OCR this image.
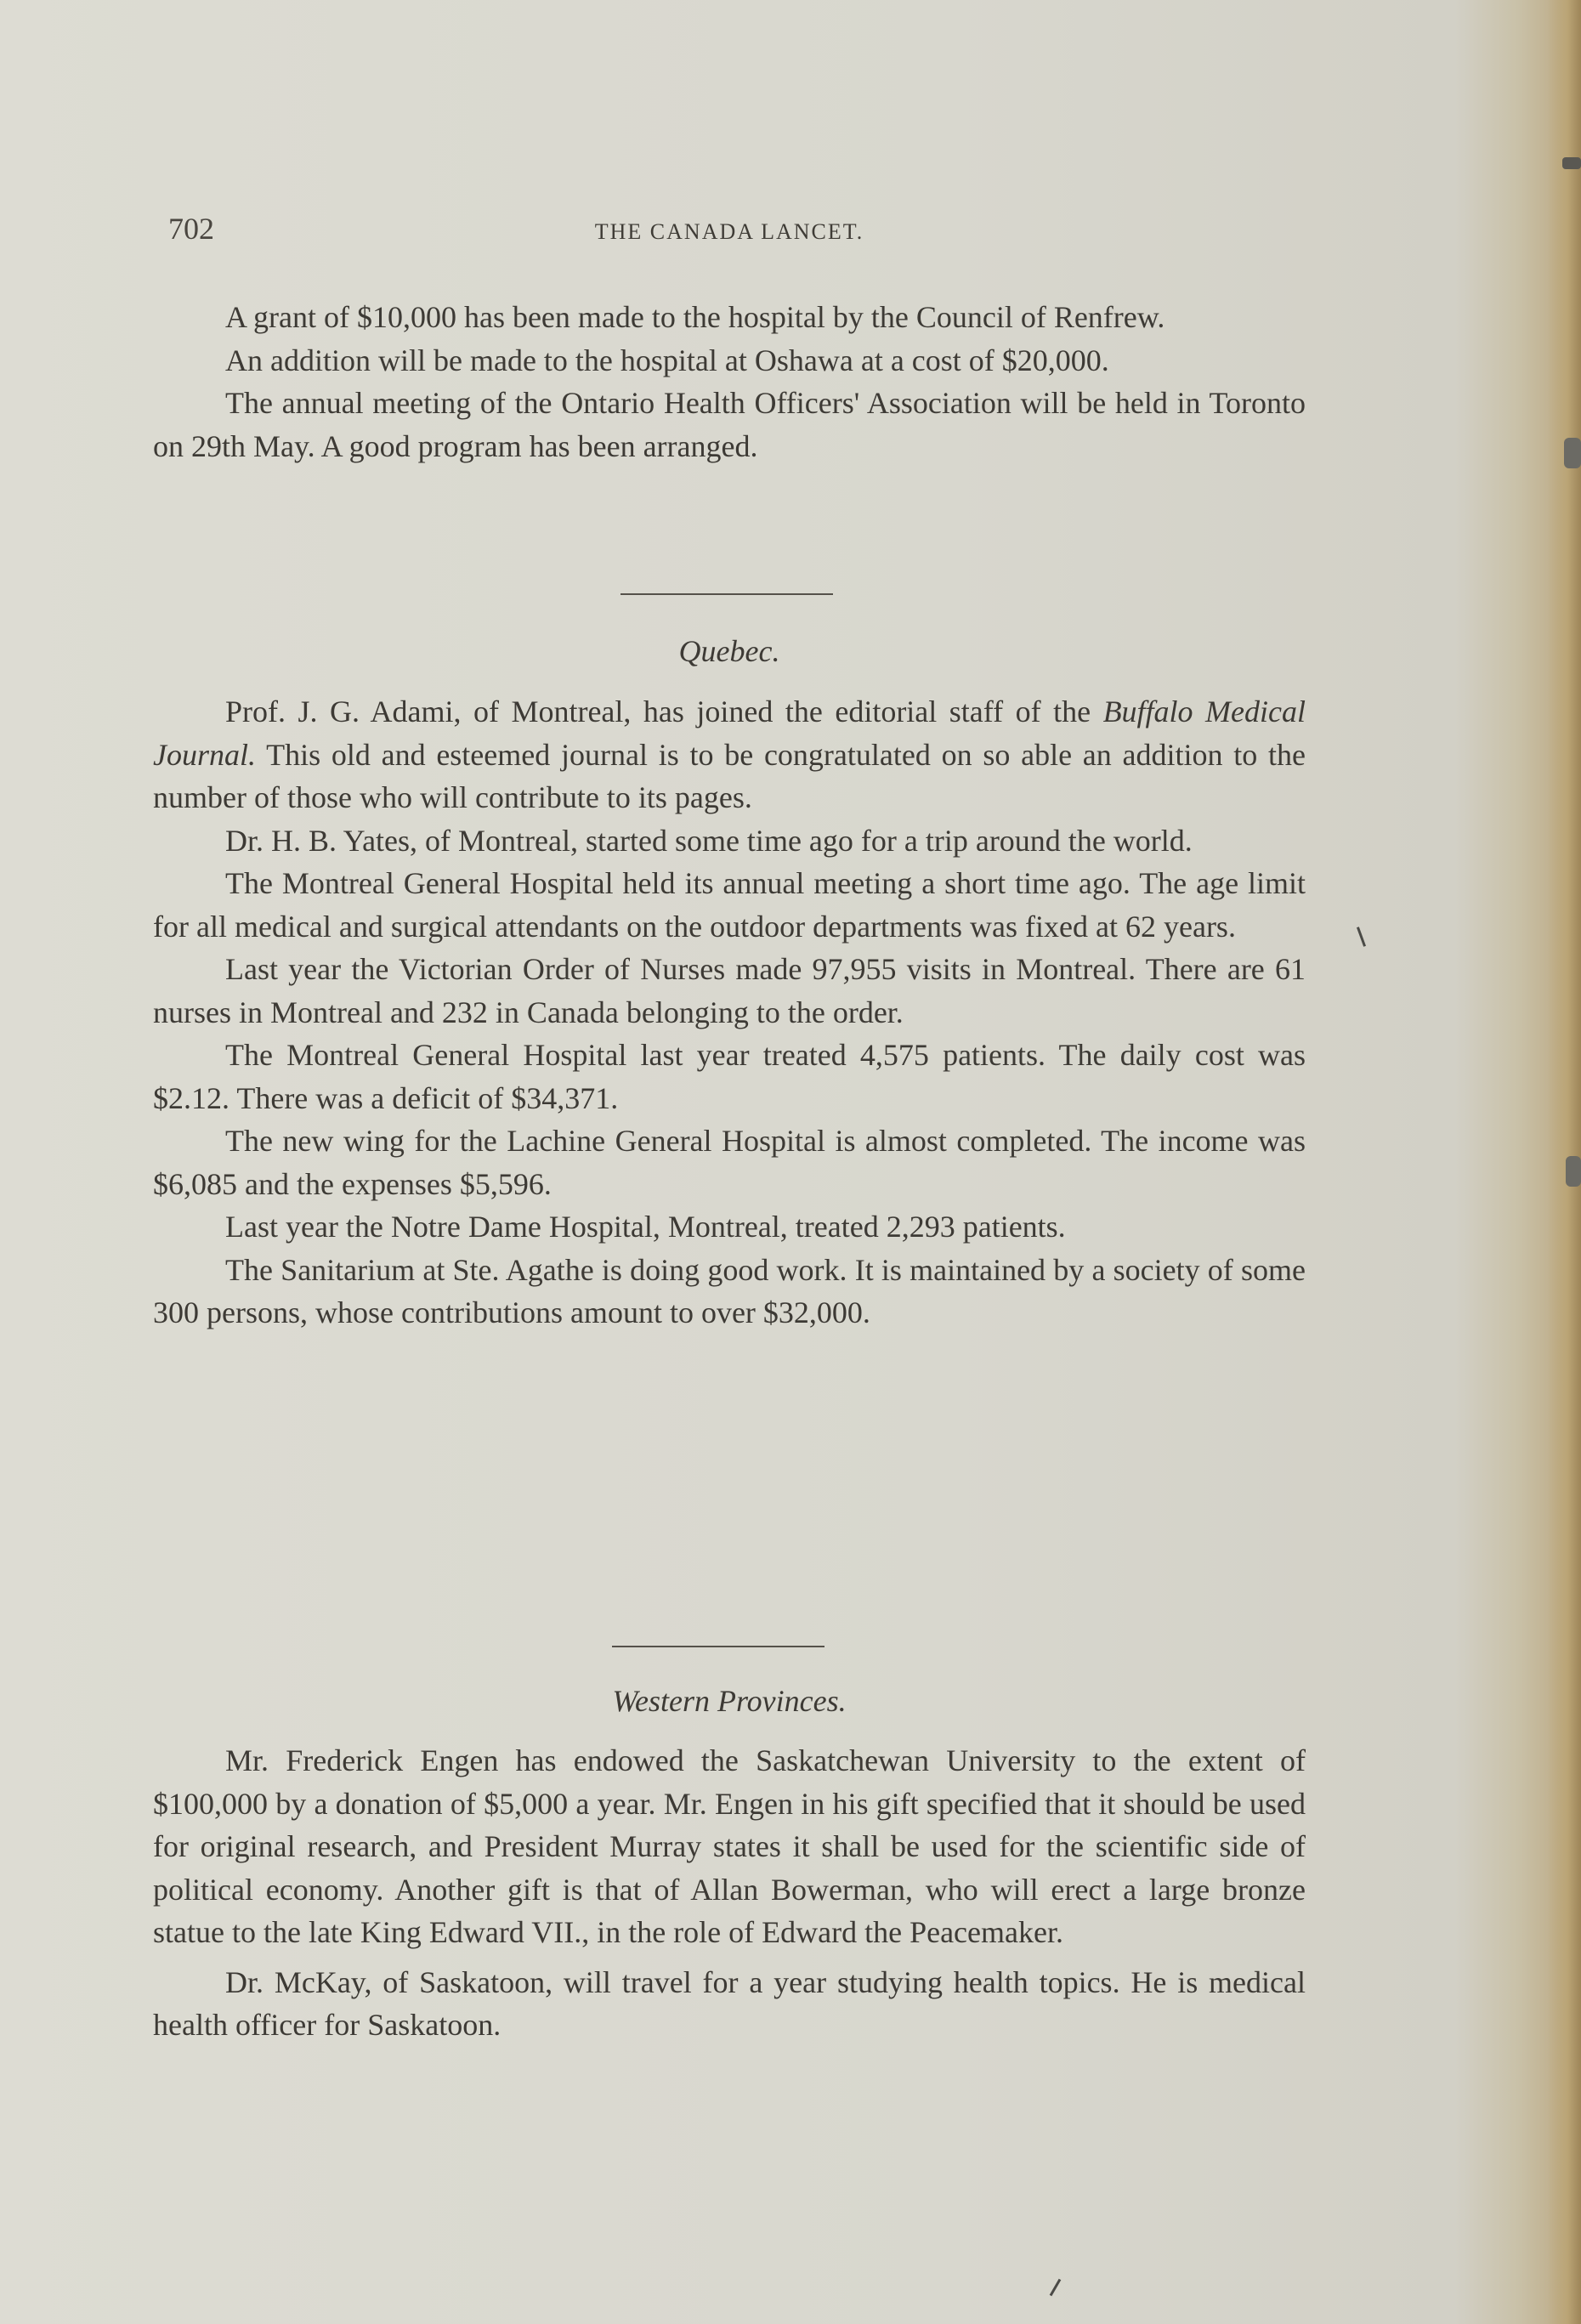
702	THE CANADA LANCET.

A grant of $10,000 has been made to the hospital by the Council of Renfrew.

An addition will be made to the hospital at Oshawa at a cost of $20,000.

The annual meeting of the Ontario Health Officers' Association will be held in Toronto on 29th May. A good program has been arranged.

Quebec.

Prof. J. G. Adami, of Montreal, has joined the editorial staff of the Buffalo Medical Journal. This old and esteemed journal is to be congratulated on so able an addition to the number of those who will contribute to its pages.

Dr. H. B. Yates, of Montreal, started some time ago for a trip around the world.

The Montreal General Hospital held its annual meeting a short time ago. The age limit for all medical and surgical attendants on the outdoor departments was fixed at 62 years.

Last year the Victorian Order of Nurses made 97,955 visits in Montreal. There are 61 nurses in Montreal and 232 in Canada belonging to the order.

The Montreal General Hospital last year treated 4,575 patients. The daily cost was $2.12. There was a deficit of $34,371.

The new wing for the Lachine General Hospital is almost completed. The income was $6,085 and the expenses $5,596.

Last year the Notre Dame Hospital, Montreal, treated 2,293 patients.

The Sanitarium at Ste. Agathe is doing good work. It is maintained by a society of some 300 persons, whose contributions amount to over $32,000.

Western Provinces.

Mr. Frederick Engen has endowed the Saskatchewan University to the extent of $100,000 by a donation of $5,000 a year. Mr. Engen in his gift specified that it should be used for original research, and President Murray states it shall be used for the scientific side of political economy. Another gift is that of Allan Bowerman, who will erect a large bronze statue to the late King Edward VII., in the role of Edward the Peacemaker.

Dr. McKay, of Saskatoon, will travel for a year studying health topics. He is medical health officer for Saskatoon.
